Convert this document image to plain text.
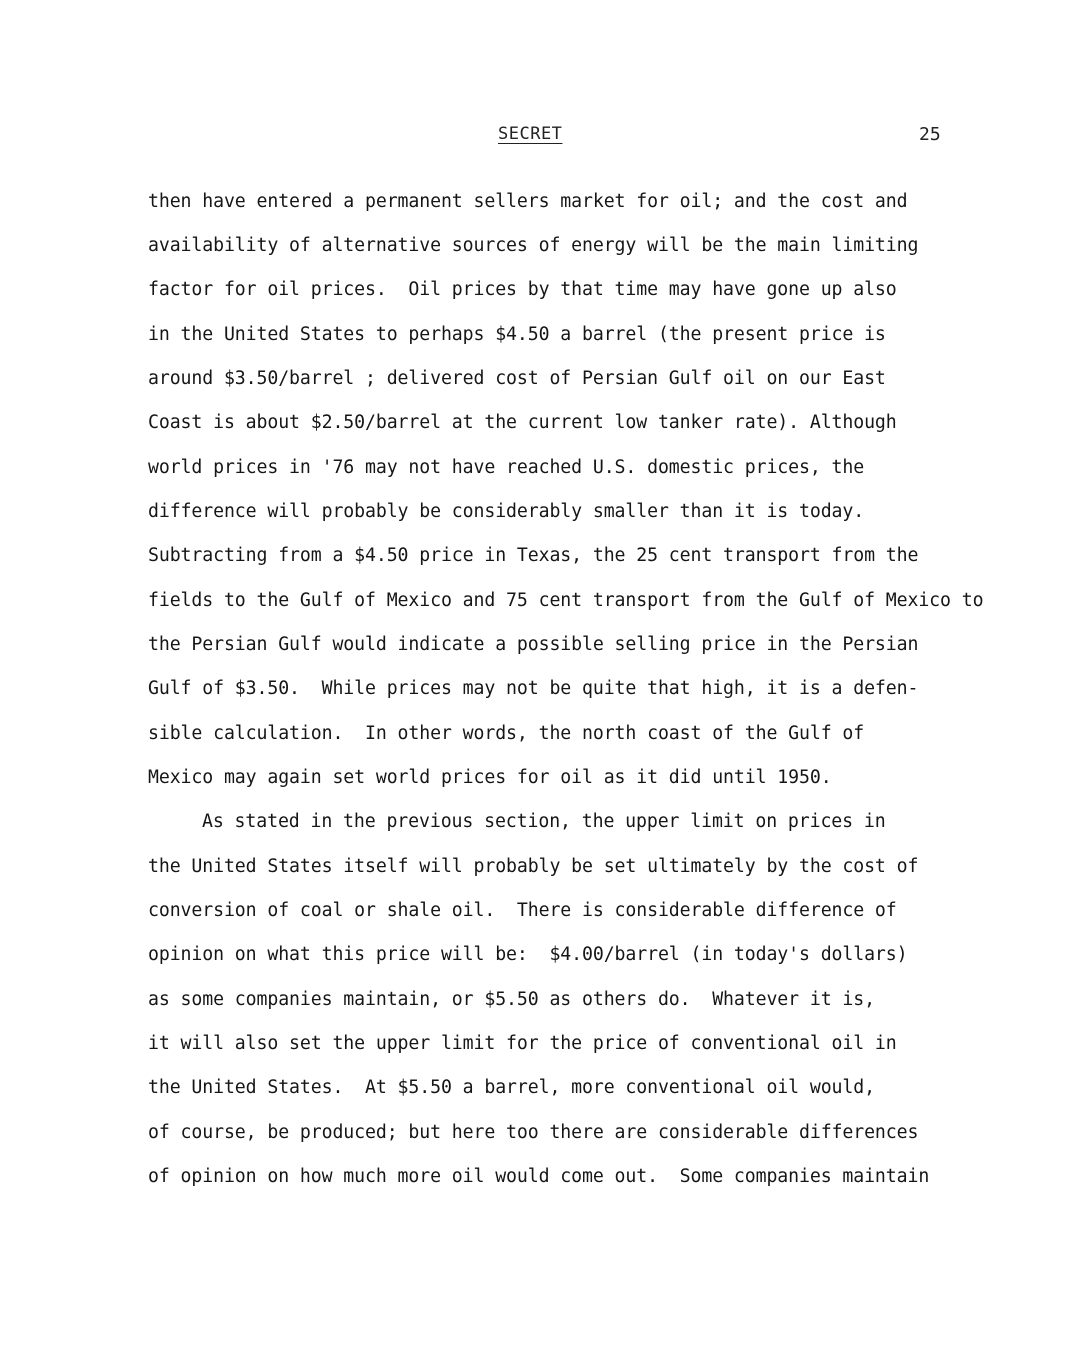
SECRET	25
then have entered a permanent sellers market for oil; and the cost and
availability of alternative sources of energy will be the main limiting
factor for oil prices.  Oil prices by that time may have gone up also
in the United States to perhaps $4.50 a barrel (the present price is
around $3.50/barrel ; delivered cost of Persian Gulf oil on our East
Coast is about $2.50/barrel at the current low tanker rate). Although
world prices in '76 may not have reached U.S. domestic prices, the
difference will probably be considerably smaller than it is today.
Subtracting from a $4.50 price in Texas, the 25 cent transport from the
fields to the Gulf of Mexico and 75 cent transport from the Gulf of Mexico to
the Persian Gulf would indicate a possible selling price in the Persian
Gulf of $3.50.  While prices may not be quite that high, it is a defen-
sible calculation.  In other words, the north coast of the Gulf of
Mexico may again set world prices for oil as it did until 1950.
As stated in the previous section, the upper limit on prices in
the United States itself will probably be set ultimately by the cost of
conversion of coal or shale oil.  There is considerable difference of
opinion on what this price will be:  $4.00/barrel (in today's dollars)
as some companies maintain, or $5.50 as others do.  Whatever it is,
it will also set the upper limit for the price of conventional oil in
the United States.  At $5.50 a barrel, more conventional oil would,
of course, be produced; but here too there are considerable differences
of opinion on how much more oil would come out.  Some companies maintain
